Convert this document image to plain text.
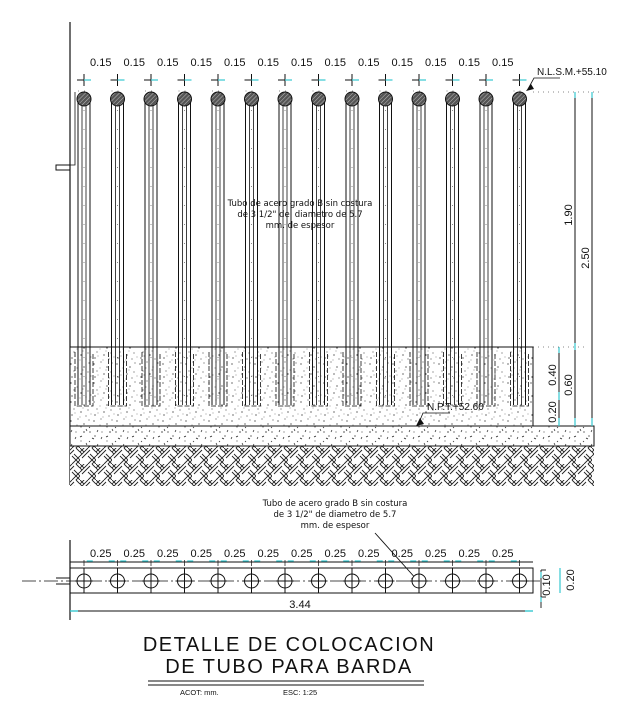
0.15 0.15 0.15 0.15 0.15 0.15 0.15 0.15 0.15 0.15 0.15 0.15 0.15
Tubo de acero grado B sin costura
de 3 1/2" del diametro de 5.7
mm. de espesor
N.L.S.M.+55.10
N.P.T.+52.60
1.90
2.50
0.40 0.60
0.20
Tubo de acero grado B sin costura
de 3 1/2" de diametro de 5.7
mm. de espesor
0.25 0.25 0.25 0.25 0.25 0.25 0.25 0.25 0.25 0.25 0.25 0.25 0.25
3.44
0.10 0.20
DETALLE DE COLOCACION
DE TUBO PARA BARDA
ACOT: mm.	ESC: 1:25
